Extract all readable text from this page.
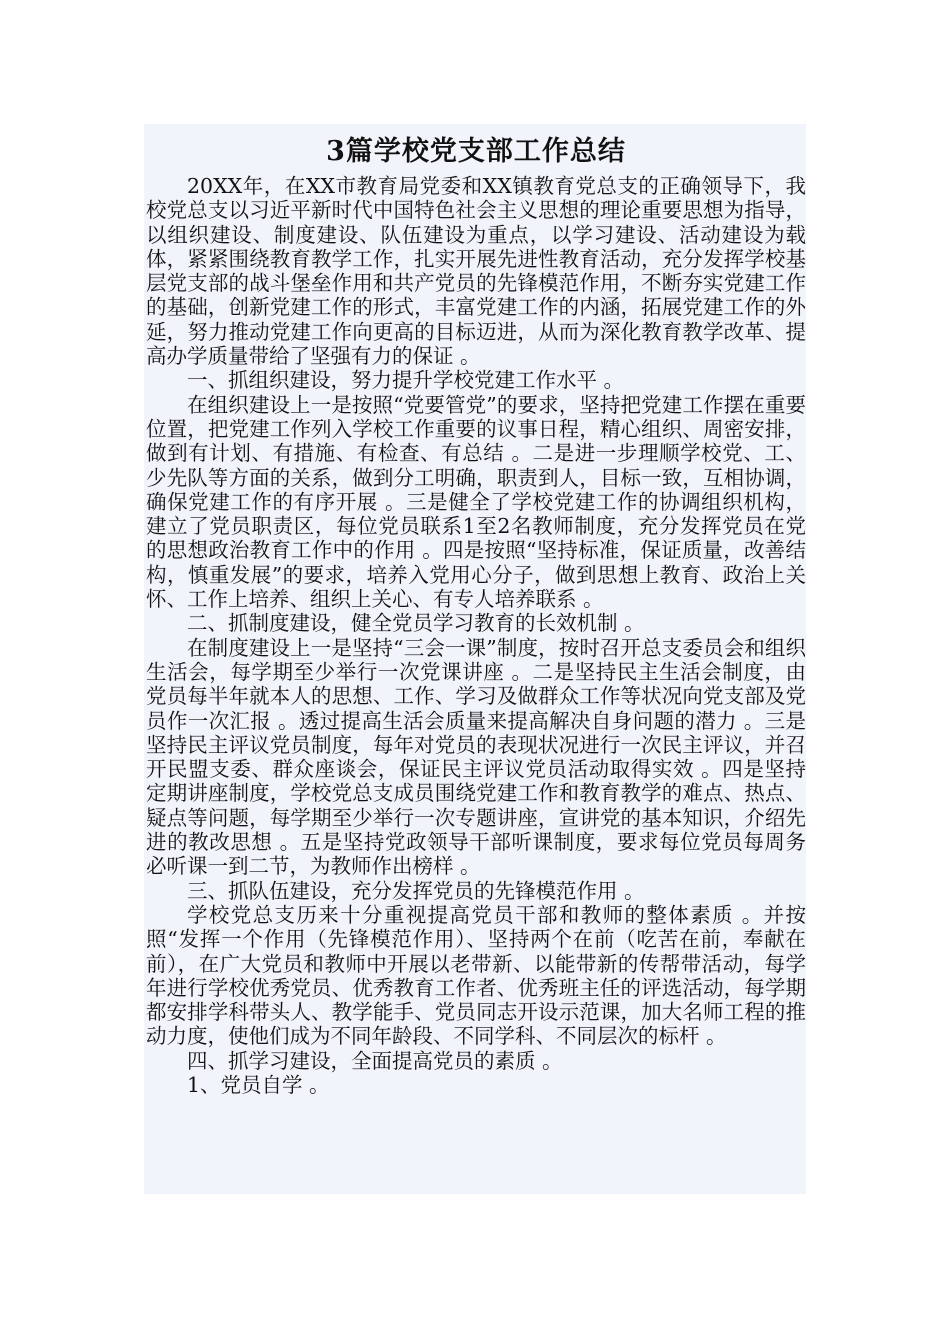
3篇学校党支部工作总结

20XX年，在XX市教育局党委和XX镇教育党总支的正确领导下，我校党总支以习近平新时代中国特色社会主义思想的理论重要思想为指导，以组织建设、制度建设、队伍建设为重点，以学习建设、活动建设为载体，紧紧围绕教育教学工作，扎实开展先进性教育活动，充分发挥学校基层党支部的战斗堡垒作用和共产党员的先锋模范作用，不断夯实党建工作的基础，创新党建工作的形式，丰富党建工作的内涵，拓展党建工作的外延，努力推动党建工作向更高的目标迈进，从而为深化教育教学改革、提高办学质量带给了坚强有力的保证 。

一、抓组织建设，努力提升学校党建工作水平 。

在组织建设上一是按照“党要管党”的要求，坚持把党建工作摆在重要位置，把党建工作列入学校工作重要的议事日程，精心组织、周密安排，做到有计划、有措施、有检查、有总结 。二是进一步理顺学校党、工、少先队等方面的关系，做到分工明确，职责到人，目标一致，互相协调，确保党建工作的有序开展 。三是健全了学校党建工作的协调组织机构，建立了党员职责区，每位党员联系1至2名教师制度，充分发挥党员在党的思想政治教育工作中的作用 。四是按照“坚持标准，保证质量，改善结构，慎重发展”的要求，培养入党用心分子，做到思想上教育、政治上关怀、工作上培养、组织上关心、有专人培养联系 。

二、抓制度建设，健全党员学习教育的长效机制 。

在制度建设上一是坚持“三会一课”制度，按时召开总支委员会和组织生活会，每学期至少举行一次党课讲座 。二是坚持民主生活会制度，由党员每半年就本人的思想、工作、学习及做群众工作等状况向党支部及党员作一次汇报 。透过提高生活会质量来提高解决自身问题的潜力 。三是坚持民主评议党员制度，每年对党员的表现状况进行一次民主评议，并召开民盟支委、群众座谈会，保证民主评议党员活动取得实效 。四是坚持定期讲座制度，学校党总支成员围绕党建工作和教育教学的难点、热点、疑点等问题，每学期至少举行一次专题讲座，宣讲党的基本知识，介绍先进的教改思想 。五是坚持党政领导干部听课制度，要求每位党员每周务必听课一到二节，为教师作出榜样 。

三、抓队伍建设，充分发挥党员的先锋模范作用 。

学校党总支历来十分重视提高党员干部和教师的整体素质 。并按照“发挥一个作用（先锋模范作用）、坚持两个在前（吃苦在前，奉献在前），在广大党员和教师中开展以老带新、以能带新的传帮带活动，每学年进行学校优秀党员、优秀教育工作者、优秀班主任的评选活动，每学期都安排学科带头人、教学能手、党员同志开设示范课，加大名师工程的推动力度，使他们成为不同年龄段、不同学科、不同层次的标杆 。

四、抓学习建设，全面提高党员的素质 。

1、党员自学 。
